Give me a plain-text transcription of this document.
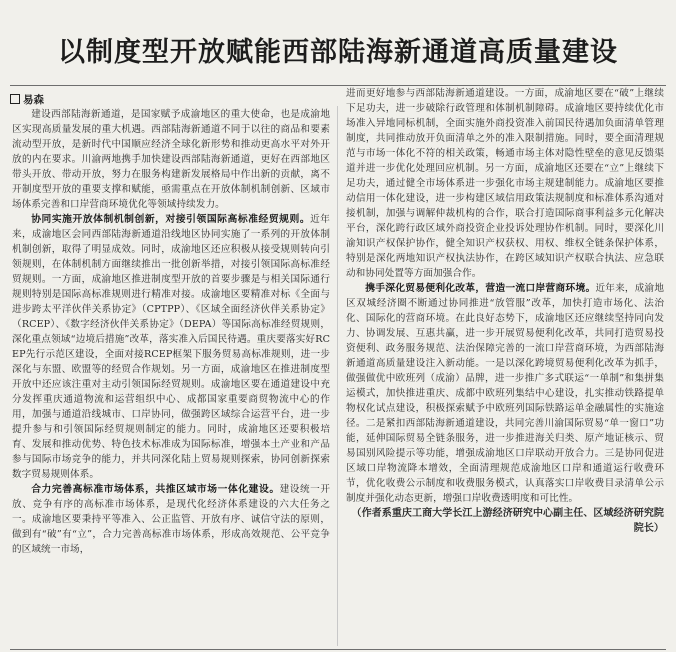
以制度型开放赋能西部陆海新通道高质量建设
易森

建设西部陆海新通道，是国家赋予成渝地区的重大使命，也是成渝地区实现高质量发展的重大机遇。西部陆海新通道不同于以往的商品和要素流动型开放，是新时代中国顺应经济全球化新形势和推动更高水平对外开放的内在要求。川渝两地携手加快建设西部陆海新通道，更好在西部地区带头开放、带动开放，努力在服务构建新发展格局中作出新的贡献，离不开制度型开放的重要支撑和赋能，亟需重点在开放体制机制创新、区域市场体系完善和口岸营商环境优化等领域持续发力。

协同实施开放体制机制创新，对接引领国际高标准经贸规则。近年来，成渝地区会同西部陆海新通道沿线地区协同实施了一系列的开放体制机制创新，取得了明显成效。同时，成渝地区还应积极从接受规则转向引领规则，在体制机制方面继续推出一批创新举措，对接引领国际高标准经贸规则。一方面，成渝地区推进制度型开放的首要步骤是与相关国际通行规则特别是国际高标准规则进行精准对接。成渝地区要精准对标《全面与进步跨太平洋伙伴关系协定》（CPTPP）、《区域全面经济伙伴关系协定》（RCEP）、《数字经济伙伴关系协定》（DEPA）等国际高标准经贸规则，深化重点领域“边境后措施”改革，落实准入后国民待遇。重庆要落实好RCEP先行示范区建设，全面对接RCEP框架下服务贸易高标准规则，进一步深化与东盟、欧盟等的经贸合作规划。另一方面，成渝地区在推进制度型开放中还应该注重对主动引领国际经贸规则。成渝地区要在通道建设中充分发挥重庆通道物流和运营组织中心、成都国家重要商贸物流中心的作用，加强与通道沿线城市、口岸协同，做强跨区域综合运营平台，进一步提升参与和引领国际经贸规则制定的能力。同时，成渝地区还要积极培育、发展和推动优势、特色技术标准成为国际标准，增强本土产业和产品参与国际市场竞争的能力，并共同深化陆上贸易规则探索，协同创新探索数字贸易规则体系。

合力完善高标准市场体系，共推区域市场一体化建设。建设统一开放、竞争有序的高标准市场体系，是现代化经济体系建设的六大任务之一。成渝地区要秉持平等准入、公正监管、开放有序、诚信守法的原则，做到有“破”有“立”，合力完善高标准市场体系，形成高效规范、公平竞争的区域统一市场，

进而更好地参与西部陆海新通道建设。一方面，成渝地区要在“破”上继续下足功夫，进一步破除行政管理和体制机制障碍。成渝地区要持续优化市场准入异地同标机制，全面实施外商投资准入前国民待遇加负面清单管理制度，共同推动放开负面清单之外的准入限制措施。同时，要全面清理规范与市场一体化不符的相关政策，畅通市场主体对隐性壁垒的意见反馈渠道并进一步优化处理回应机制。另一方面，成渝地区还要在“立”上继续下足功夫，通过健全市场体系进一步强化市场主规建制能力。成渝地区要推动信用一体化建设，进一步构建区域信用政策法规制度和标准体系沟通对接机制，加强与调解仲裁机构的合作，联合打造国际商事利益多元化解决平台，深化跨行政区域外商投资企业投诉处理协作机制。同时，要深化川渝知识产权保护协作，健全知识产权获权、用权、维权全链条保护体系，特别是深化两地知识产权执法协作，在跨区域知识产权联合执法、应急联动和协同处置等方面加强合作。

携手深化贸易便利化改革，营造一流口岸营商环境。近年来，成渝地区双城经济圈不断通过协同推进“放管服”改革，加快打造市场化、法治化、国际化的营商环境。在此良好态势下，成渝地区还应继续坚持同向发力、协调发展、互惠共赢，进一步开展贸易便利化改革，共同打造贸易投资便利、政务服务规范、法治保障完善的一流口岸营商环境，为西部陆海新通道高质量建设注入新动能。一是以深化跨境贸易便利化改革为抓手，做强做优中欧班列（成渝）品牌，进一步推广多式联运“一单制”和集拼集运模式，加快推进重庆、成都中欧班列集结中心建设，扎实推动铁路提单物权化试点建设，积极探索赋予中欧班列国际铁路运单金融属性的实施途径。二是紧扣西部陆海新通道建设，共同完善川渝国际贸易“单一窗口”功能，延伸国际贸易全链条服务，进一步推进海关归类、原产地证核示、贸易国别风险提示等功能，增强成渝地区口岸联动开放合力。三是协同促进区域口岸物流降本增效，全面清理规范成渝地区口岸和通道运行收费环节，优化收费公示制度和收费服务模式，认真落实口岸收费目录清单公示制度并强化动态更新，增强口岸收费透明度和可比性。

（作者系重庆工商大学长江上游经济研究中心副主任、区域经济研究院院长）
